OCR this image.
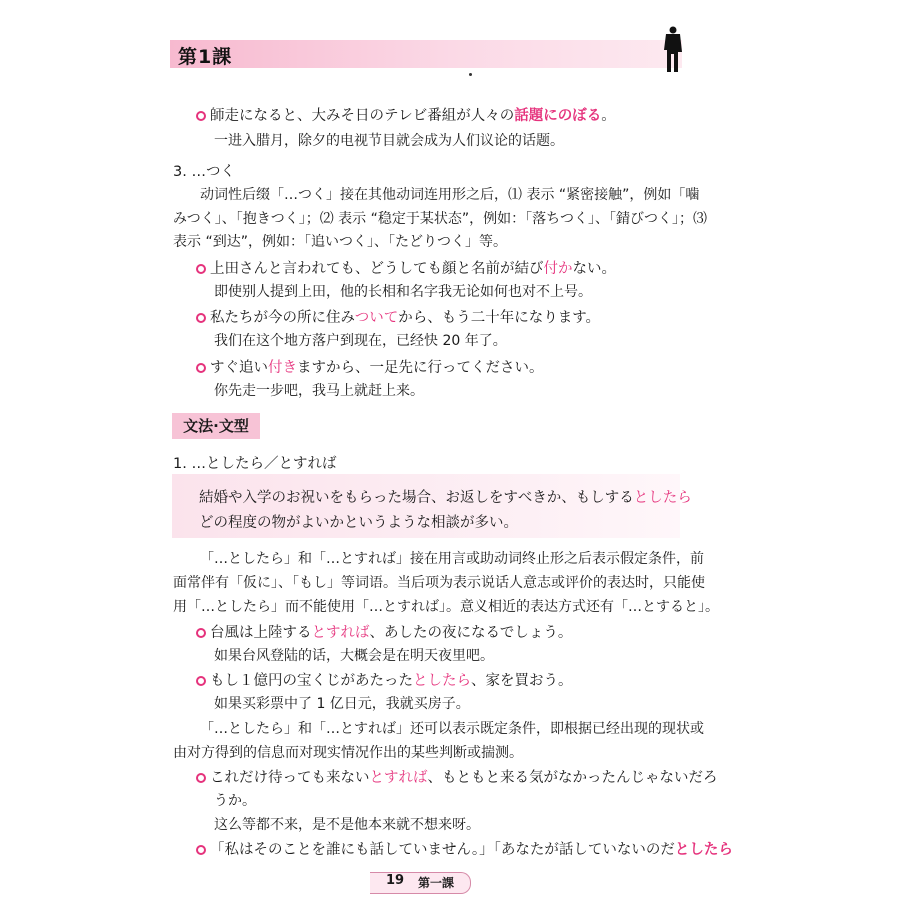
第1課
師走になると、大みそ日のテレビ番組が人々の話題にのぼる。
一进入腊月，除夕的电视节目就会成为人们议论的话题。
3. …つく
动词性后缀「…つく」接在其他动词连用形之后，⑴ 表示 “紧密接触”，例如「噛
みつく」、「抱きつく」；⑵ 表示 “稳定于某状态”，例如：「落ちつく」、「錆びつく」；⑶
表示 “到达”，例如：「追いつく」、「たどりつく」等。
上田さんと言われても、どうしても顔と名前が結び付かない。
即使别人提到上田，他的长相和名字我无论如何也对不上号。
私たちが今の所に住みついてから、もう二十年になります。
我们在这个地方落户到现在，已经快 20 年了。
すぐ追い付きますから、一足先に行ってください。
你先走一步吧，我马上就赶上来。
文法·文型
1. …としたら／とすれば
結婚や入学のお祝いをもらった場合、お返しをすべきか、もしするとしたら
どの程度の物がよいかというような相談が多い。
「…としたら」和「…とすれば」接在用言或助动词终止形之后表示假定条件，前
面常伴有「仮に」、「もし」等词语。当后项为表示说话人意志或评价的表达时，只能使
用「…としたら」而不能使用「…とすれば」。意义相近的表达方式还有「…とすると」。
台風は上陸するとすれば、あしたの夜になるでしょう。
如果台风登陆的话，大概会是在明天夜里吧。
もし１億円の宝くじがあたったとしたら、家を買おう。
如果买彩票中了 1 亿日元，我就买房子。
「…としたら」和「…とすれば」还可以表示既定条件，即根据已经出现的现状或
由对方得到的信息而对现实情况作出的某些判断或揣测。
これだけ待っても来ないとすれば、もともと来る気がなかったんじゃないだろ
うか。
这么等都不来，是不是他本来就不想来呀。
「私はそのことを誰にも話していません。」「あなたが話していないのだとしたら
19 第一課
